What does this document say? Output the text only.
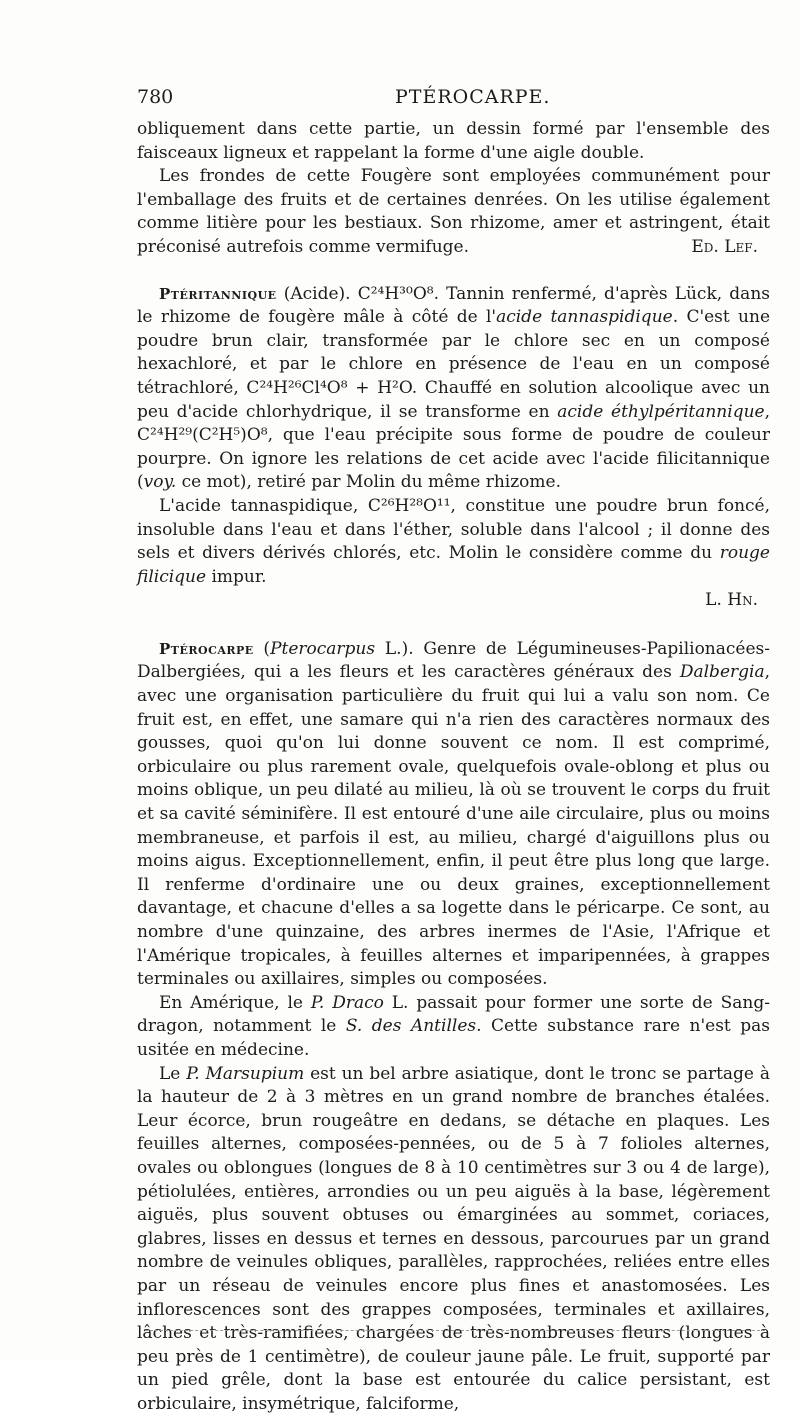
780	PTÉROCARPE.

obliquement dans cette partie, un dessin formé par l'ensemble des faisceaux ligneux et rappelant la forme d'une aigle double.

Les frondes de cette Fougère sont employées communément pour l'emballage des fruits et de certaines denrées. On les utilise également comme litière pour les bestiaux. Son rhizome, amer et astringent, était préconisé autrefois comme vermifuge.	Ed. Lef.

Ptéritannique (Acide). C²⁴H³⁰O⁸. Tannin renfermé, d'après Lück, dans le rhizome de fougère mâle à côté de l'acide tannaspidique. C'est une poudre brun clair, transformée par le chlore sec en un composé hexachloré, et par le chlore en présence de l'eau en un composé tétrachloré, C²⁴H²⁶Cl⁴O⁸ + H²O. Chauffé en solution alcoolique avec un peu d'acide chlorhydrique, il se transforme en acide éthylpéritannique, C²⁴H²⁹(C²H⁵)O⁸, que l'eau précipite sous forme de poudre de couleur pourpre. On ignore les relations de cet acide avec l'acide filicitannique (voy. ce mot), retiré par Molin du même rhizome.

L'acide tannaspidique, C²⁶H²⁸O¹¹, constitue une poudre brun foncé, insoluble dans l'eau et dans l'éther, soluble dans l'alcool ; il donne des sels et divers dérivés chlorés, etc. Molin le considère comme du rouge filicique impur.

L. Hn.

Ptérocarpe (Pterocarpus L.). Genre de Légumineuses-Papilionacées-Dalbergiées, qui a les fleurs et les caractères généraux des Dalbergia, avec une organisation particulière du fruit qui lui a valu son nom. Ce fruit est, en effet, une samare qui n'a rien des caractères normaux des gousses, quoi qu'on lui donne souvent ce nom. Il est comprimé, orbiculaire ou plus rarement ovale, quelquefois ovale-oblong et plus ou moins oblique, un peu dilaté au milieu, là où se trouvent le corps du fruit et sa cavité séminifère. Il est entouré d'une aile circulaire, plus ou moins membraneuse, et parfois il est, au milieu, chargé d'aiguillons plus ou moins aigus. Exceptionnellement, enfin, il peut être plus long que large. Il renferme d'ordinaire une ou deux graines, exceptionnellement davantage, et chacune d'elles a sa logette dans le péricarpe. Ce sont, au nombre d'une quinzaine, des arbres inermes de l'Asie, l'Afrique et l'Amérique tropicales, à feuilles alternes et imparipennées, à grappes terminales ou axillaires, simples ou composées.

En Amérique, le P. Draco L. passait pour former une sorte de Sang-dragon, notamment le S. des Antilles. Cette substance rare n'est pas usitée en médecine.

Le P. Marsupium est un bel arbre asiatique, dont le tronc se partage à la hauteur de 2 à 3 mètres en un grand nombre de branches étalées. Leur écorce, brun rougeâtre en dedans, se détache en plaques. Les feuilles alternes, composées-pennées, ou de 5 à 7 folioles alternes, ovales ou oblongues (longues de 8 à 10 centimètres sur 3 ou 4 de large), pétiolulées, entières, arrondies ou un peu aiguës à la base, légèrement aiguës, plus souvent obtuses ou émarginées au sommet, coriaces, glabres, lisses en dessus et ternes en dessous, parcourues par un grand nombre de veinules obliques, parallèles, rapprochées, reliées entre elles par un réseau de veinules encore plus fines et anastomosées. Les inflorescences sont des grappes composées, terminales et axillaires, lâches et très-ramifiées, chargées de très-nombreuses fleurs (longues à peu près de 1 centimètre), de couleur jaune pâle. Le fruit, supporté par un pied grêle, dont la base est entourée du calice persistant, est orbiculaire, insymétrique, falciforme,
